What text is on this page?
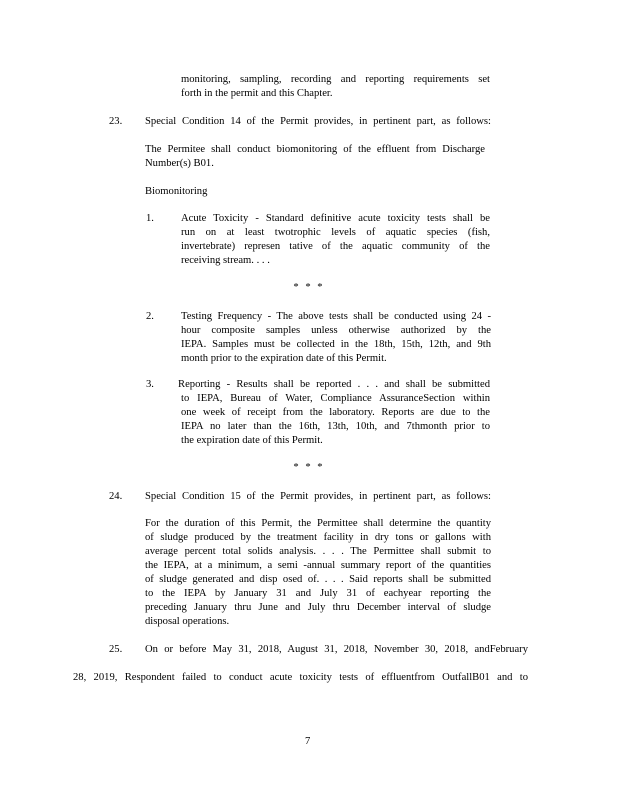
monitoring, sampling, recording and reporting requirements set
forth in the permit and this Chapter.
23. Special Condition 14 of the Permit provides, in pertinent part, as follows:
The Permitee shall conduct biomonitoring of the effluent from Discharge
Number(s) B01.
Biomonitoring
1.	Acute Toxicity - Standard definitive acute toxicity tests shall be
run on at least twotrophic levels of aquatic species (fish,
invertebrate) represen tative of the aquatic community of the
receiving stream. . . .
* * *
2.	Testing Frequency - The above tests shall be conducted using 24 -
hour composite samples unless otherwise authorized by the
IEPA. Samples must be collected in the 18th, 15th, 12th, and 9th
month prior to the expiration date of this Permit.
3. Reporting - Results shall be reported . . . and shall be submitted
to IEPA, Bureau of Water, Compliance AssuranceSection within
one week of receipt from the laboratory. Reports are due to the
IEPA no later than the 16th, 13th, 10th, and 7thmonth prior to
the expiration date of this Permit.
* * *
24. Special Condition 15 of the Permit provides, in pertinent part, as follows:
For the duration of this Permit, the Permittee shall determine the quantity
of sludge produced by the treatment facility in dry tons or gallons with
average percent total solids analysis. . . . The Permittee shall submit to
the IEPA, at a minimum, a semi -annual summary report of the quantities
of sludge generated and disp osed of. . . . Said reports shall be submitted
to the IEPA by January 31 and July 31 of eachyear reporting the
preceding January thru June and July thru December interval of sludge
disposal operations.
25. On or before May 31, 2018, August 31, 2018, November 30, 2018, andFebruary
28, 2019, Respondent failed to conduct acute toxicity tests of effluentfrom OutfallB01 and to
7
